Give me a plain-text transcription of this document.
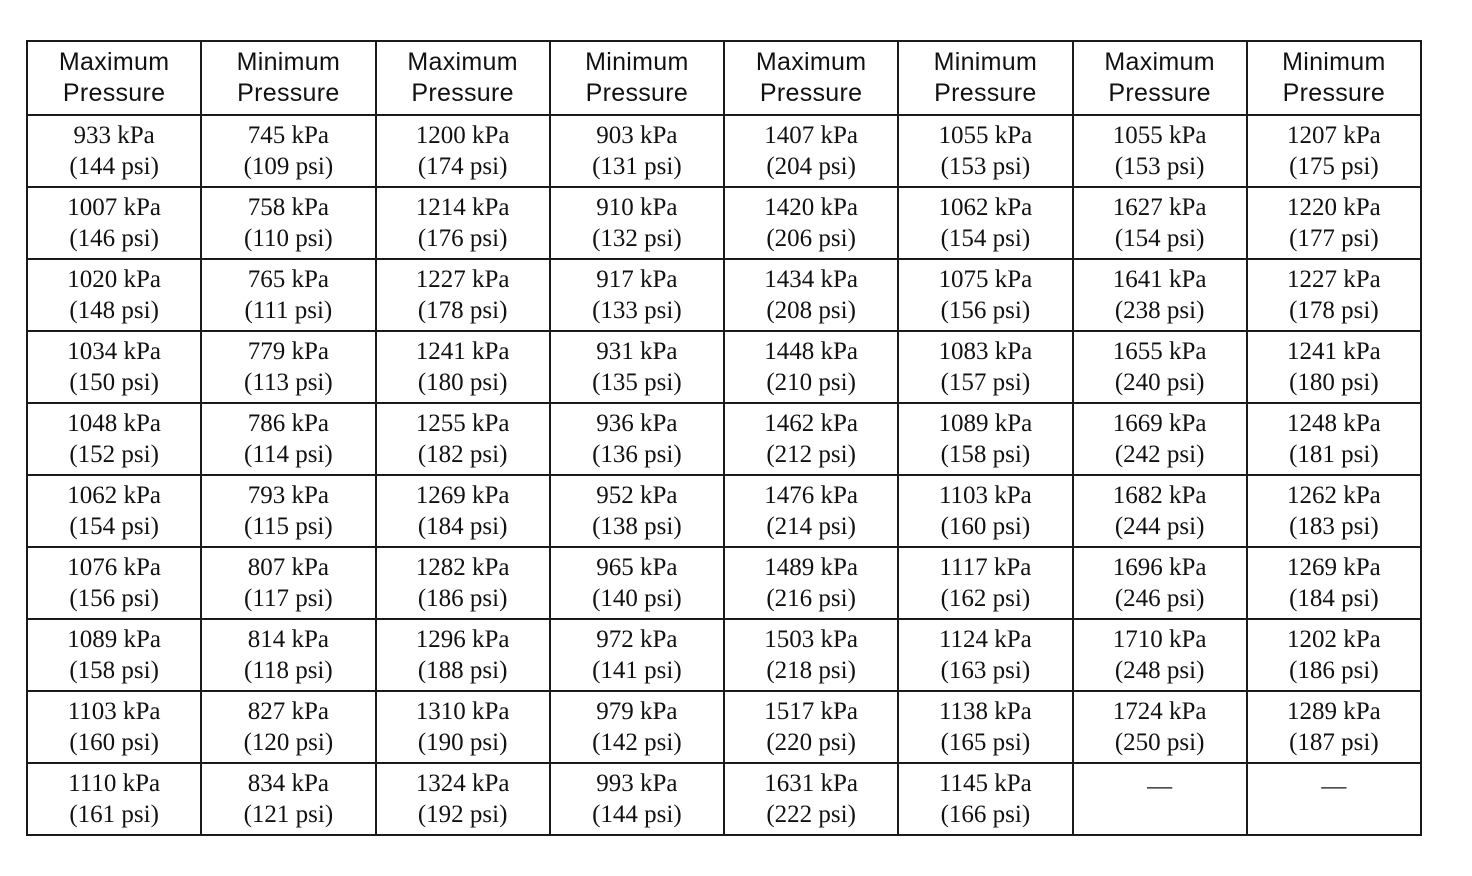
Maximum
Pressure	Minimum
Pressure	Maximum
Pressure	Minimum
Pressure	Maximum
Pressure	Minimum
Pressure	Maximum
Pressure	Minimum
Pressure

933 kPa
(144 psi)	745 kPa
(109 psi)	1200 kPa
(174 psi)	903 kPa
(131 psi)	1407 kPa
(204 psi)	1055 kPa
(153 psi)	1055 kPa
(153 psi)	1207 kPa
(175 psi)

1007 kPa
(146 psi)	758 kPa
(110 psi)	1214 kPa
(176 psi)	910 kPa
(132 psi)	1420 kPa
(206 psi)	1062 kPa
(154 psi)	1627 kPa
(154 psi)	1220 kPa
(177 psi)

1020 kPa
(148 psi)	765 kPa
(111 psi)	1227 kPa
(178 psi)	917 kPa
(133 psi)	1434 kPa
(208 psi)	1075 kPa
(156 psi)	1641 kPa
(238 psi)	1227 kPa
(178 psi)

1034 kPa
(150 psi)	779 kPa
(113 psi)	1241 kPa
(180 psi)	931 kPa
(135 psi)	1448 kPa
(210 psi)	1083 kPa
(157 psi)	1655 kPa
(240 psi)	1241 kPa
(180 psi)

1048 kPa
(152 psi)	786 kPa
(114 psi)	1255 kPa
(182 psi)	936 kPa
(136 psi)	1462 kPa
(212 psi)	1089 kPa
(158 psi)	1669 kPa
(242 psi)	1248 kPa
(181 psi)

1062 kPa
(154 psi)	793 kPa
(115 psi)	1269 kPa
(184 psi)	952 kPa
(138 psi)	1476 kPa
(214 psi)	1103 kPa
(160 psi)	1682 kPa
(244 psi)	1262 kPa
(183 psi)

1076 kPa
(156 psi)	807 kPa
(117 psi)	1282 kPa
(186 psi)	965 kPa
(140 psi)	1489 kPa
(216 psi)	1117 kPa
(162 psi)	1696 kPa
(246 psi)	1269 kPa
(184 psi)

1089 kPa
(158 psi)	814 kPa
(118 psi)	1296 kPa
(188 psi)	972 kPa
(141 psi)	1503 kPa
(218 psi)	1124 kPa
(163 psi)	1710 kPa
(248 psi)	1202 kPa
(186 psi)

1103 kPa
(160 psi)	827 kPa
(120 psi)	1310 kPa
(190 psi)	979 kPa
(142 psi)	1517 kPa
(220 psi)	1138 kPa
(165 psi)	1724 kPa
(250 psi)	1289 kPa
(187 psi)

1110 kPa
(161 psi)	834 kPa
(121 psi)	1324 kPa
(192 psi)	993 kPa
(144 psi)	1631 kPa
(222 psi)	1145 kPa
(166 psi)	—	—
